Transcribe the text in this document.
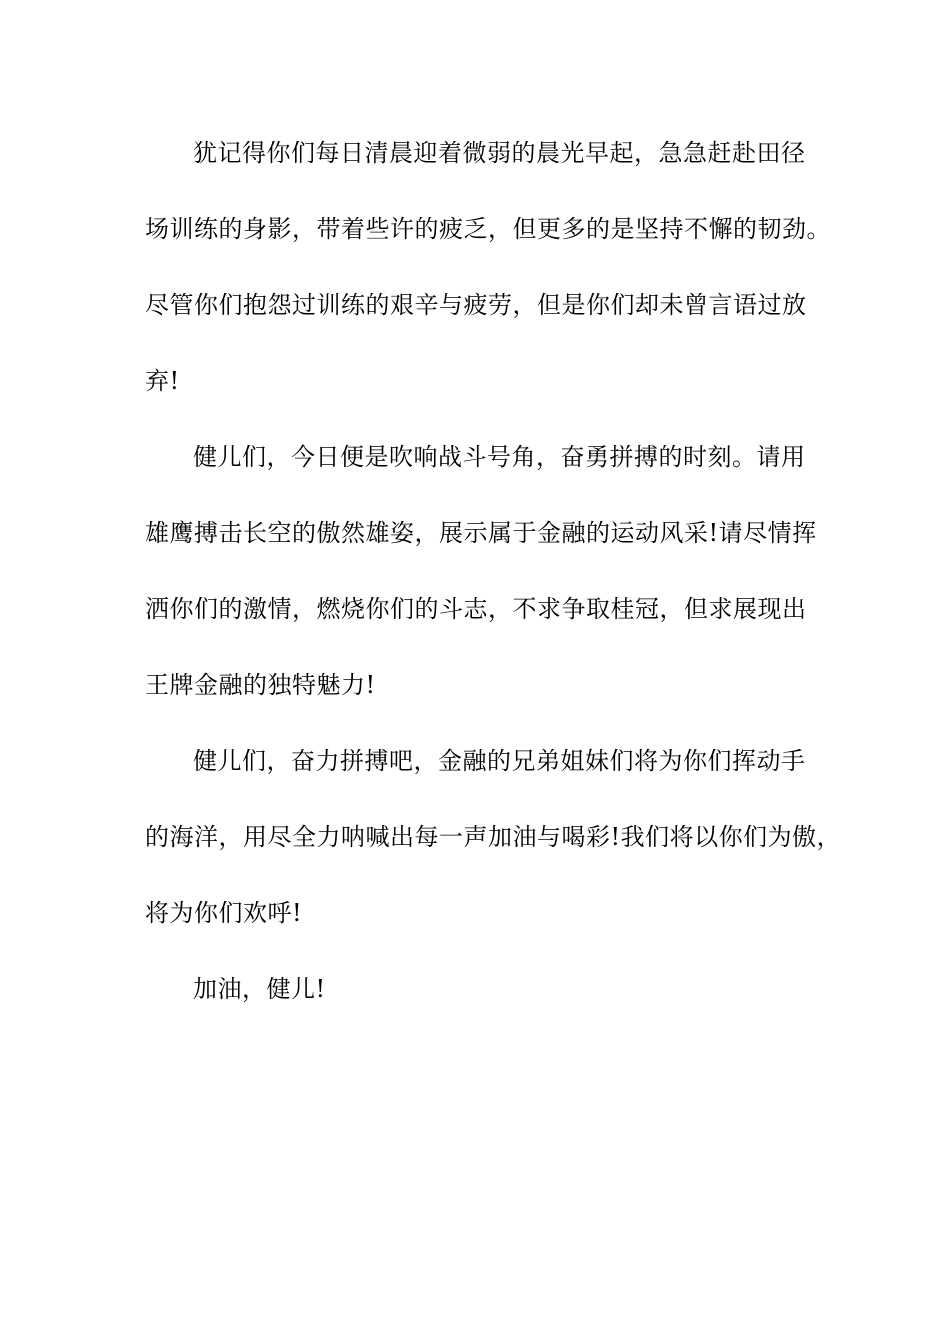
犹记得你们每日清晨迎着微弱的晨光早起，急急赶赴田径
场训练的身影，带着些许的疲乏，但更多的是坚持不懈的韧劲。
尽管你们抱怨过训练的艰辛与疲劳，但是你们却未曾言语过放
弃!
健儿们，今日便是吹响战斗号角，奋勇拼搏的时刻。请用
雄鹰搏击长空的傲然雄姿，展示属于金融的运动风采!请尽情挥
洒你们的激情，燃烧你们的斗志，不求争取桂冠，但求展现出
王牌金融的独特魅力!
健儿们，奋力拼搏吧，金融的兄弟姐妹们将为你们挥动手
的海洋，用尽全力呐喊出每一声加油与喝彩!我们将以你们为傲，
将为你们欢呼!
加油，健儿!
